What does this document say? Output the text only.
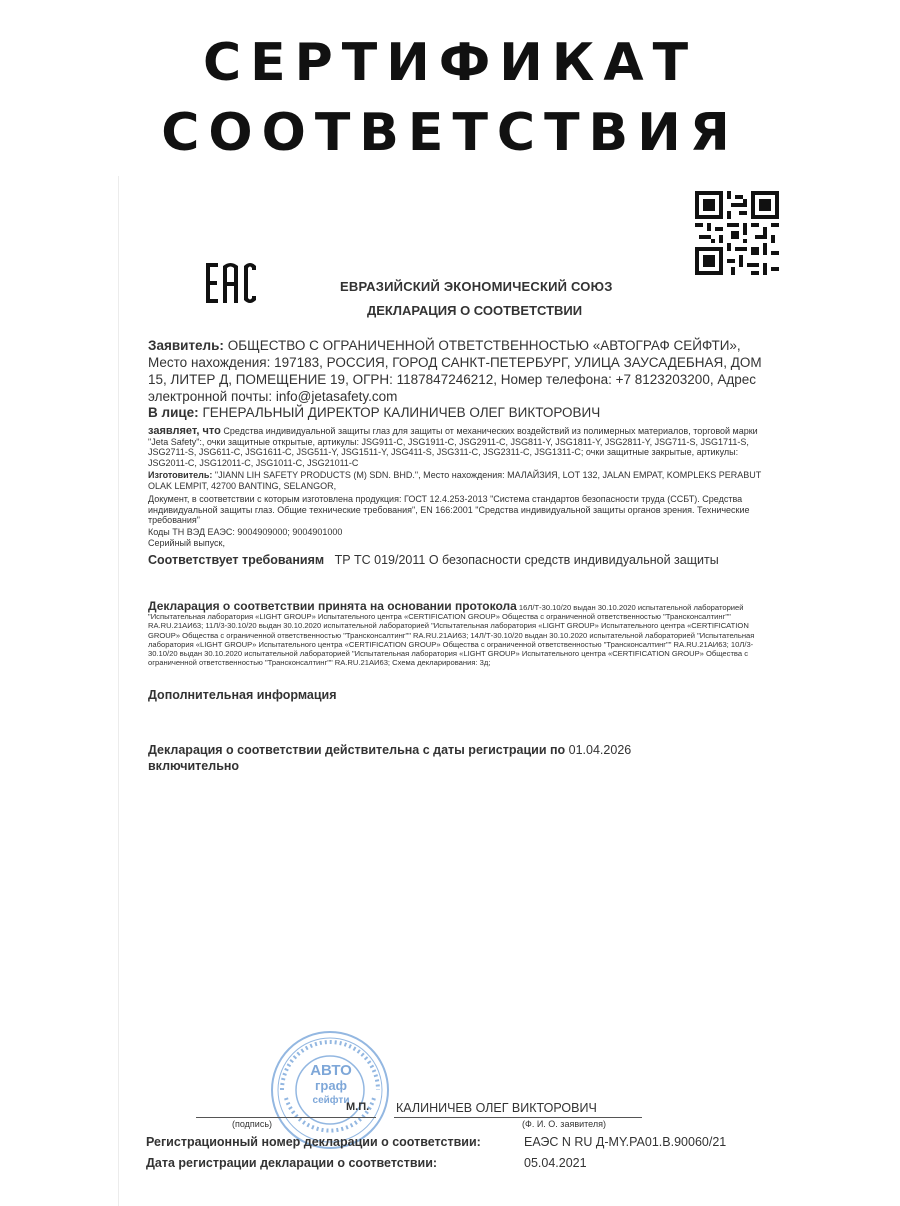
СЕРТИФИКАТ
СООТВЕТСТВИЯ
ЕВРАЗИЙСКИЙ ЭКОНОМИЧЕСКИЙ СОЮЗ
ДЕКЛАРАЦИЯ О СООТВЕТСТВИИ
Заявитель: ОБЩЕСТВО С ОГРАНИЧЕННОЙ ОТВЕТСТВЕННОСТЬЮ «АВТОГРАФ СЕЙФТИ», Место нахождения: 197183, РОССИЯ, ГОРОД САНКТ-ПЕТЕРБУРГ, УЛИЦА ЗАУСАДЕБНАЯ, ДОМ 15, ЛИТЕР Д, ПОМЕЩЕНИЕ 19, ОГРН: 1187847246212, Номер телефона: +7 8123203200, Адрес электронной почты: info@jetasafety.com
В лице: ГЕНЕРАЛЬНЫЙ ДИРЕКТОР КАЛИНИЧЕВ ОЛЕГ ВИКТОРОВИЧ
заявляет, что Средства индивидуальной защиты глаз для защиты от механических воздействий из полимерных материалов, торговой марки "Jeta Safety":, очки защитные открытые, артикулы: JSG911-C, JSG1911-C, JSG2911-C, JSG811-Y, JSG1811-Y, JSG2811-Y, JSG711-S, JSG1711-S, JSG2711-S, JSG611-C, JSG1611-C, JSG511-Y, JSG1511-Y, JSG411-S, JSG311-C, JSG2311-C, JSG1311-C; очки защитные закрытые, артикулы: JSG2011-C, JSG12011-C, JSG1011-C, JSG21011-C
Изготовитель: "JIANN LIH SAFETY PRODUCTS (M) SDN. BHD.", Место нахождения: МАЛАЙЗИЯ, LOT 132, JALAN EMPAT, KOMPLEKS PERABUT OLAK LEMPIT, 42700 BANTING, SELANGOR,
Документ, в соответствии с которым изготовлена продукция: ГОСТ 12.4.253-2013 "Система стандартов безопасности труда (ССБТ). Средства индивидуальной защиты глаз. Общие технические требования", EN 166:2001 "Средства индивидуальной защиты органов зрения. Технические требования"
Коды ТН ВЭД ЕАЭС: 9004909000; 9004901000
Серийный выпуск,
Соответствует требованиям ТР ТС 019/2011 О безопасности средств индивидуальной защиты
Декларация о соответствии принята на основании протокола 16Л/Т-30.10/20 выдан 30.10.2020 испытательной лабораторией "Испытательная лаборатория «LIGHT GROUP» Испытательного центра «CERTIFICATION GROUP» Общества с ограниченной ответственностью "Трансконсалтинг"" RA.RU.21АИ63; 11Л/3-30.10/20 выдан 30.10.2020 испытательной лабораторией "Испытательная лаборатория «LIGHT GROUP» Испытательного центра «CERTIFICATION GROUP» Общества с ограниченной ответственностью "Трансконсалтинг"" RA.RU.21АИ63; 14Л/Т-30.10/20 выдан 30.10.2020 испытательной лабораторией "Испытательная лаборатория «LIGHT GROUP» Испытательного центра «CERTIFICATION GROUP» Общества с ограниченной ответственностью "Трансконсалтинг"" RA.RU.21АИ63; 10Л/3-30.10/20 выдан 30.10.2020 испытательной лабораторией "Испытательная лаборатория «LIGHT GROUP» Испытательного центра «CERTIFICATION GROUP» Общества с ограниченной ответственностью "Трансконсалтинг"" RA.RU.21АИ63; Схема декларирования: 3д;
Дополнительная информация
Декларация о соответствии действительна с даты регистрации по 01.04.2026
включительно
АВТО
граф
сейфти
М.П. КАЛИНИЧЕВ ОЛЕГ ВИКТОРОВИЧ
(подпись)	(Ф. И. О. заявителя)
Регистрационный номер декларации о соответствии:	ЕАЭС N RU Д-MY.PA01.B.90060/21
Дата регистрации декларации о соответствии:	05.04.2021
